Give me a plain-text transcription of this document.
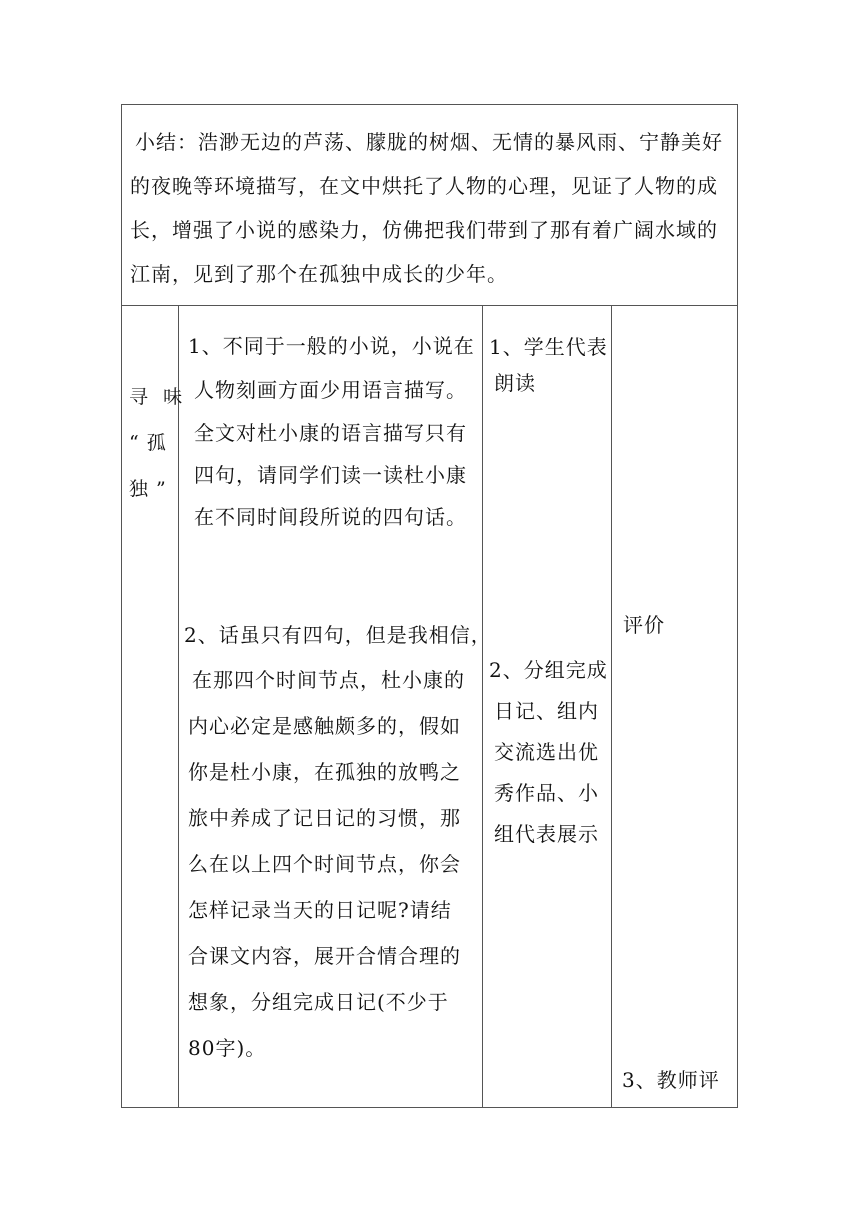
小结：浩渺无边的芦荡、朦胧的树烟、无情的暴风雨、宁静美好
的夜晚等环境描写，在文中烘托了人物的心理，见证了人物的成
长，增强了小说的感染力，仿佛把我们带到了那有着广阔水域的
江南，见到了那个在孤独中成长的少年。
寻  味
“ 孤
独 ”
1、不同于一般的小说，小说在
人物刻画方面少用语言描写。
全文对杜小康的语言描写只有
四句，请同学们读一读杜小康
在不同时间段所说的四句话。
2、话虽只有四句，但是我相信，
在那四个时间节点，杜小康的
内心必定是感触颇多的，假如
你是杜小康，在孤独的放鸭之
旅中养成了记日记的习惯，那
么在以上四个时间节点，你会
怎样记录当天的日记呢?请结
合课文内容，展开合情合理的
想象，分组完成日记(不少于
80字)。
1、学生代表
朗读
2、分组完成
日记、组内
交流选出优
秀作品、小
组代表展示
评价
3、教师评
